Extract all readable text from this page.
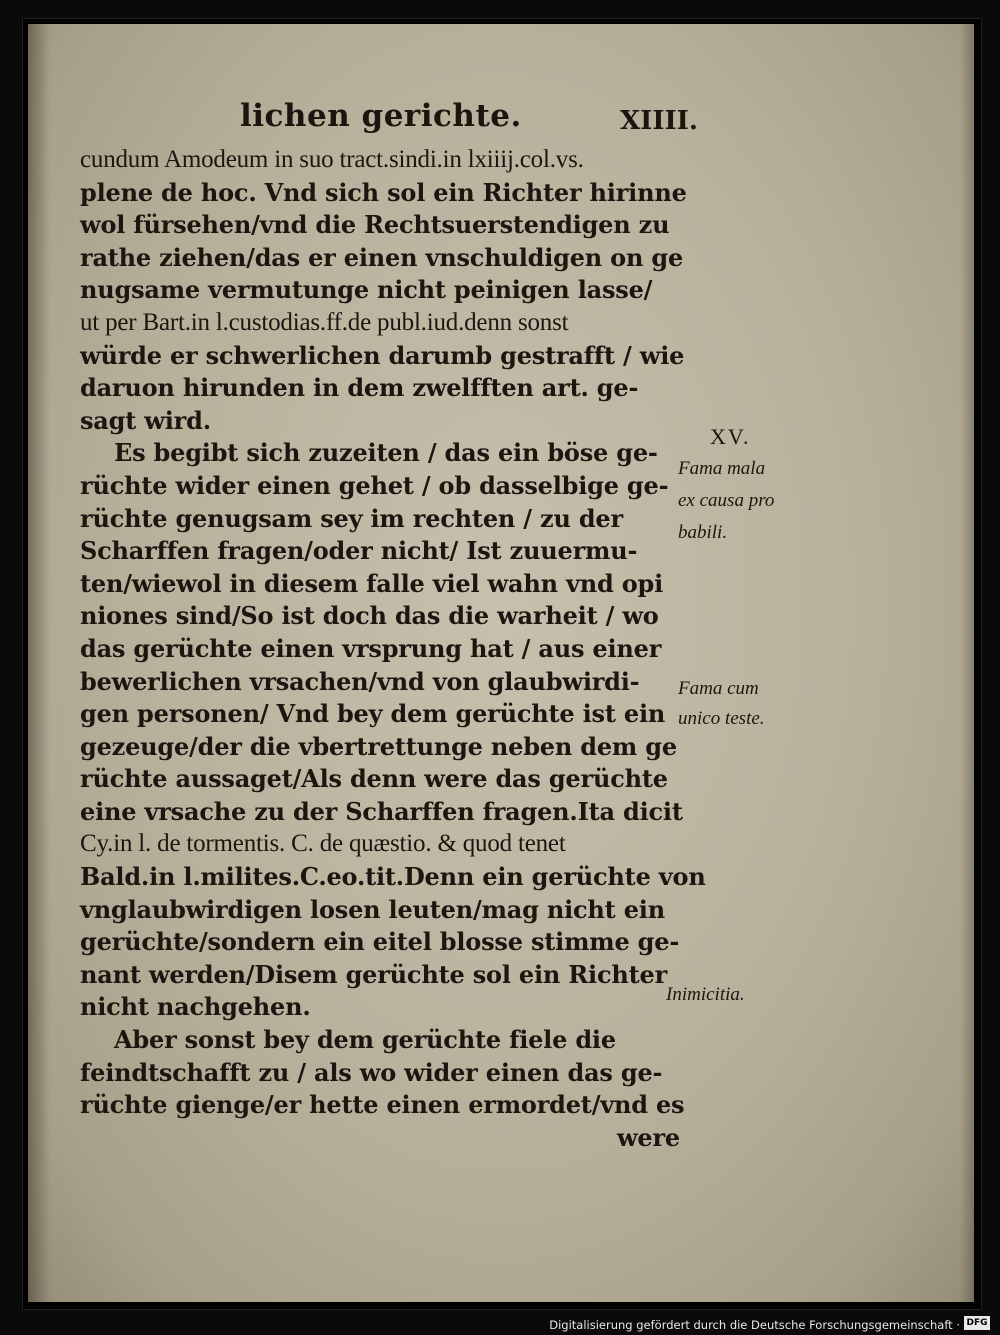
lichen gerichte.	XIIII.
cundum Amodeum in suo tract.sindi.in lxiiij.col.vs.
plene de hoc. Vnd sich sol ein Richter hirinne
wol fürsehen/vnd die Rechtsuerstendigen zu
rathe ziehen/das er einen vnschuldigen on ge
nugsame vermutunge nicht peinigen lasse/
ut per Bart.in l.custodias.ff.de publ.iud.denn sonst
würde er schwerlichen darumb gestrafft / wie
daruon hirunden in dem zwelfften art. ge-
sagt wird.
Es begibt sich zuzeiten / das ein böse ge-
rüchte wider einen gehet / ob dasselbige ge-
rüchte genugsam sey im rechten / zu der
Scharffen fragen/oder nicht/ Ist zuuermu-
ten/wiewol in diesem falle viel wahn vnd opi
niones sind/So ist doch das die warheit / wo
das gerüchte einen vrsprung hat / aus einer
bewerlichen vrsachen/vnd von glaubwirdi-
gen personen/ Vnd bey dem gerüchte ist ein
gezeuge/der die vbertrettunge neben dem ge
rüchte aussaget/Als denn were das gerüchte
eine vrsache zu der Scharffen fragen.Ita dicit
Cy.in l. de tormentis. C. de quæstio. & quod tenet
Bald.in l.milites.C.eo.tit.Denn ein gerüchte von
vnglaubwirdigen losen leuten/mag nicht ein
gerüchte/sondern ein eitel blosse stimme ge-
nant werden/Disem gerüchte sol ein Richter
nicht nachgehen.
Aber sonst bey dem gerüchte fiele die
feindtschafft zu / als wo wider einen das ge-
rüchte gienge/er hette einen ermordet/vnd es
were
XV.
Fama mala
ex causa pro
babili.
Fama cum
unico teste.
Inimicitia.
Digitalisierung gefördert durch die Deutsche Forschungsgemeinschaft · DFG
